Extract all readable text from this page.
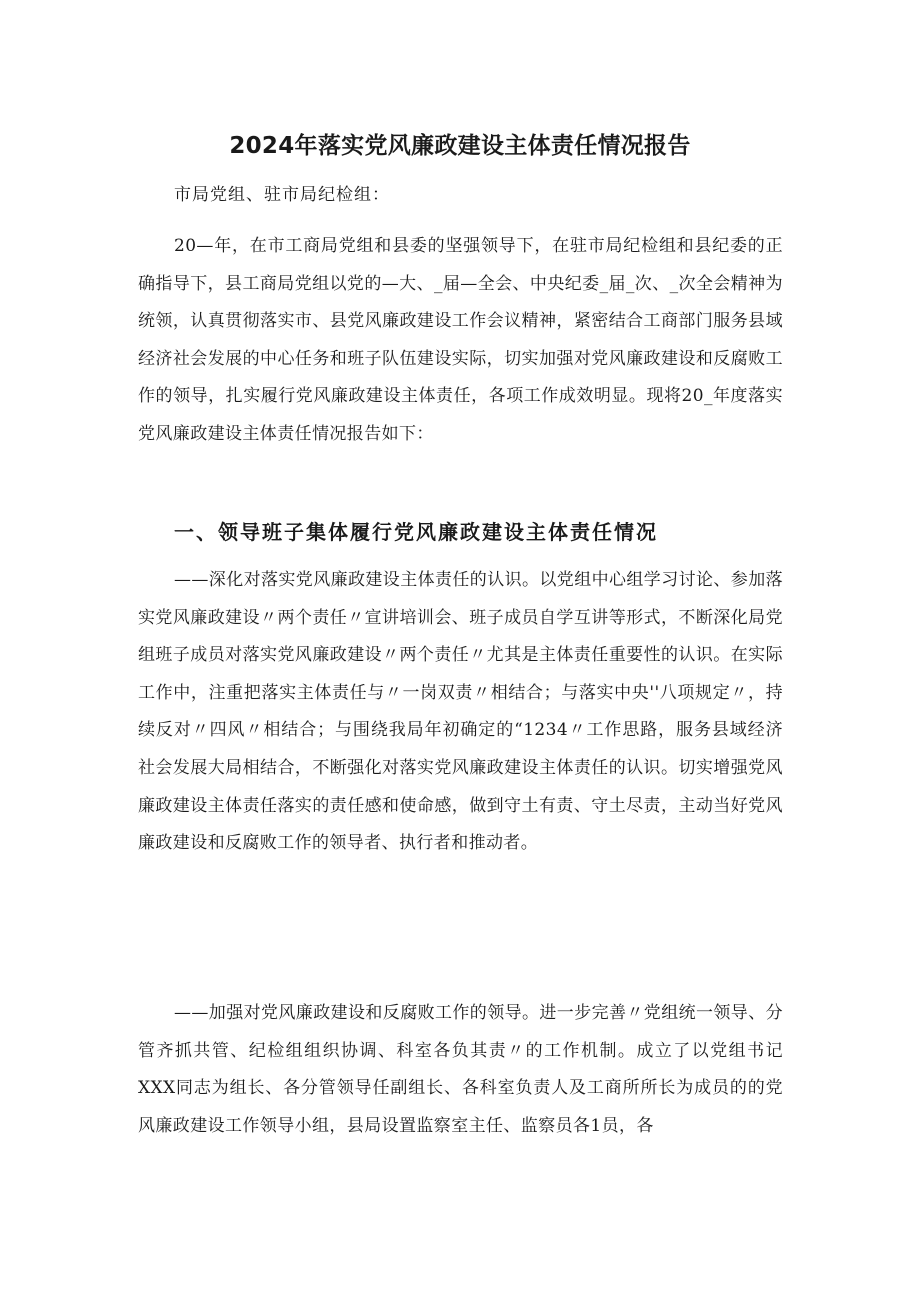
2024年落实党风廉政建设主体责任情况报告

市局党组、驻市局纪检组：

20—年，在市工商局党组和县委的坚强领导下，在驻市局纪检组和县纪委的正确指导下，县工商局党组以党的—大、_届—全会、中央纪委_届_次、_次全会精神为统领，认真贯彻落实市、县党风廉政建设工作会议精神，紧密结合工商部门服务县域经济社会发展的中心任务和班子队伍建设实际，切实加强对党风廉政建设和反腐败工作的领导，扎实履行党风廉政建设主体责任，各项工作成效明显。现将20_年度落实党风廉政建设主体责任情况报告如下：

一、领导班子集体履行党风廉政建设主体责任情况

——深化对落实党风廉政建设主体责任的认识。以党组中心组学习讨论、参加落实党风廉政建设〃两个责任〃宣讲培训会、班子成员自学互讲等形式，不断深化局党组班子成员对落实党风廉政建设〃两个责任〃尤其是主体责任重要性的认识。在实际工作中，注重把落实主体责任与〃一岗双责〃相结合；与落实中央''八项规定〃，持续反对〃四风〃相结合；与围绕我局年初确定的“1234〃工作思路，服务县域经济社会发展大局相结合，不断强化对落实党风廉政建设主体责任的认识。切实增强党风廉政建设主体责任落实的责任感和使命感，做到守土有责、守土尽责，主动当好党风廉政建设和反腐败工作的领导者、执行者和推动者。

——加强对党风廉政建设和反腐败工作的领导。进一步完善〃党组统一领导、分管齐抓共管、纪检组组织协调、科室各负其责〃的工作机制。成立了以党组书记XXX同志为组长、各分管领导任副组长、各科室负责人及工商所所长为成员的的党风廉政建设工作领导小组，县局设置监察室主任、监察员各1员，各
